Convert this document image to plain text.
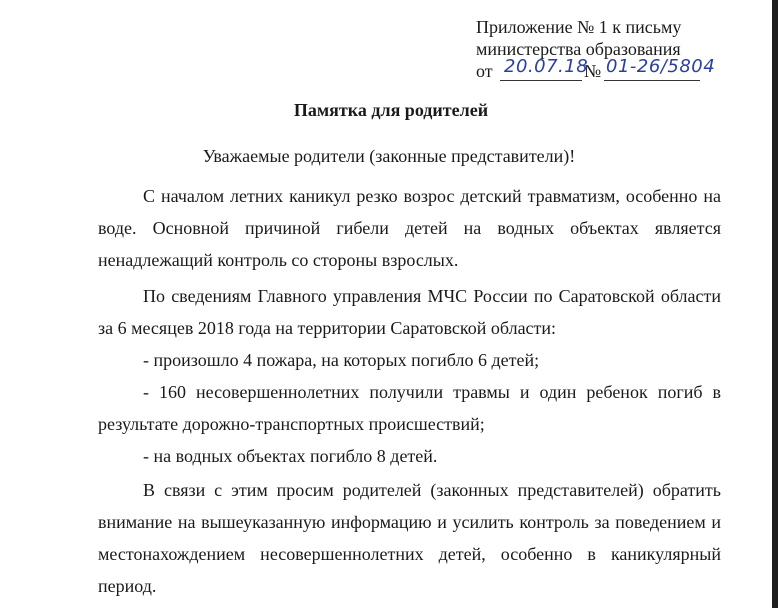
Приложение № 1 к письму
министерства образования
от 20.07.18
№ 01-26/5804
Памятка для родителей
Уважаемые родители (законные представители)!
С началом летних каникул резко возрос детский травматизм, особенно на воде. Основной причиной гибели детей на водных объектах является ненадлежащий контроль со стороны взрослых.
По сведениям Главного управления МЧС России по Саратовской области за 6 месяцев 2018 года на территории Саратовской области:
- произошло 4 пожара, на которых погибло 6 детей;
- 160 несовершеннолетних получили травмы и один ребенок погиб в результате дорожно-транспортных происшествий;
- на водных объектах погибло 8 детей.
В связи с этим просим родителей (законных представителей) обратить внимание на вышеуказанную информацию и усилить контроль за поведением и местонахождением несовершеннолетних детей, особенно в каникулярный период.
